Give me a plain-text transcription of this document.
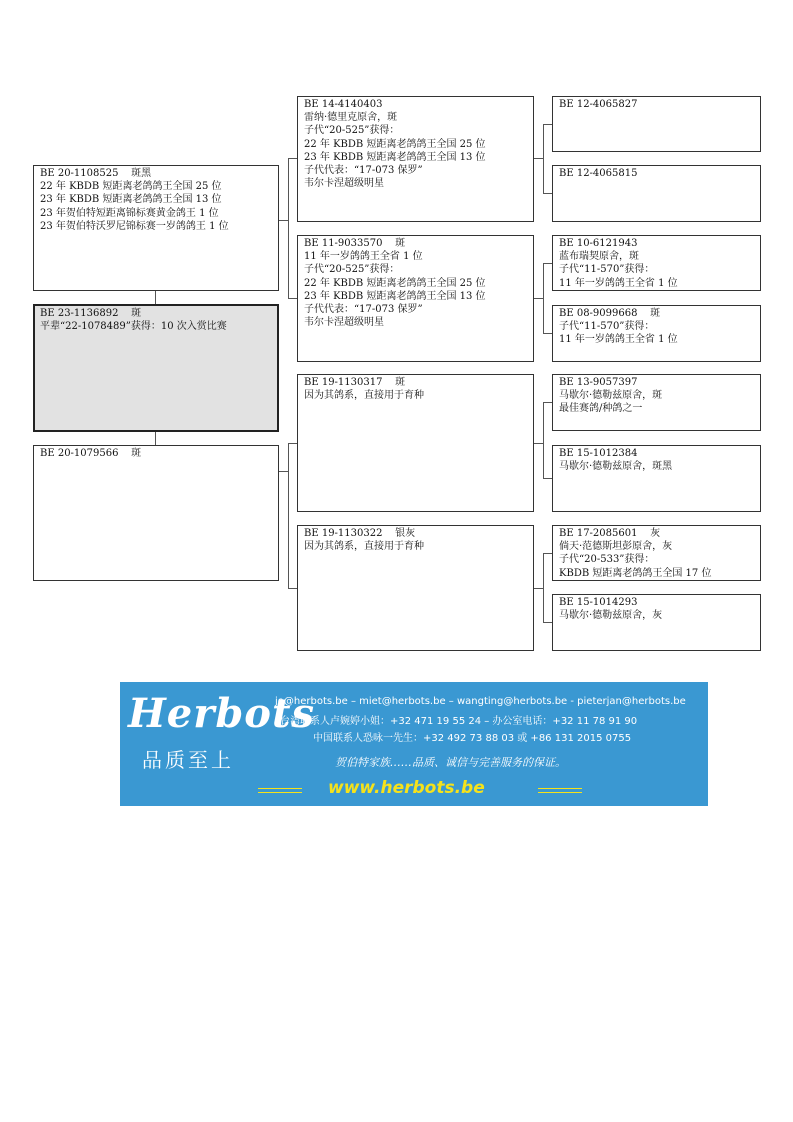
BE 23-1136892    斑
平辈“22-1078489”获得：10 次入赏比赛
BE 20-1108525    斑黑
22 年 KBDB 短距离老鸽鸽王全国 25 位
23 年 KBDB 短距离老鸽鸽王全国 13 位
23 年贺伯特短距离锦标赛黄金鸽王 1 位
23 年贺伯特沃罗尼锦标赛一岁鸽鸽王 1 位
BE 20-1079566    斑
BE 14-4140403
雷纳·德里克原舍，斑
子代“20-525”获得：
22 年 KBDB 短距离老鸽鸽王全国 25 位
23 年 KBDB 短距离老鸽鸽王全国 13 位
子代代表：“17-073 保罗”
韦尔卡涅超级明星
BE 11-9033570    斑
11 年一岁鸽鸽王全省 1 位
子代“20-525”获得：
22 年 KBDB 短距离老鸽鸽王全国 25 位
23 年 KBDB 短距离老鸽鸽王全国 13 位
子代代表：“17-073 保罗”
韦尔卡涅超级明星
BE 19-1130317    斑
因为其鸽系，直接用于育种
BE 19-1130322    银灰
因为其鸽系，直接用于育种
BE 12-4065827
BE 12-4065815
BE 10-6121943
蓝布瑞契原舍，斑
子代“11-570”获得：
11 年一岁鸽鸽王全省 1 位
BE 08-9099668    斑
子代“11-570”获得：
11 年一岁鸽鸽王全省 1 位
BE 13-9057397
马歇尔·德勒兹原舍，斑
最佳赛鸽/种鸽之一
BE 15-1012384
马歇尔·德勒兹原舍，斑黑
BE 17-2085601    灰
倘天·范德斯坦彭原舍，灰
子代“20-533”获得：
KBDB 短距离老鸽鸽王全国 17 位
BE 15-1014293
马歇尔·德勒兹原舍，灰
Herbots
品质至上
jo@herbots.be – miet@herbots.be – wangting@herbots.be - pieterjan@herbots.be
台湾联系人卢婉婷小姐：+32 471 19 55 24 – 办公室电话：+32 11 78 91 90
中国联系人恐咏一先生：+32 492 73 88 03 或 +86 131 2015 0755
贺伯特家族……品质、诚信与完善服务的保证。
www.herbots.be
